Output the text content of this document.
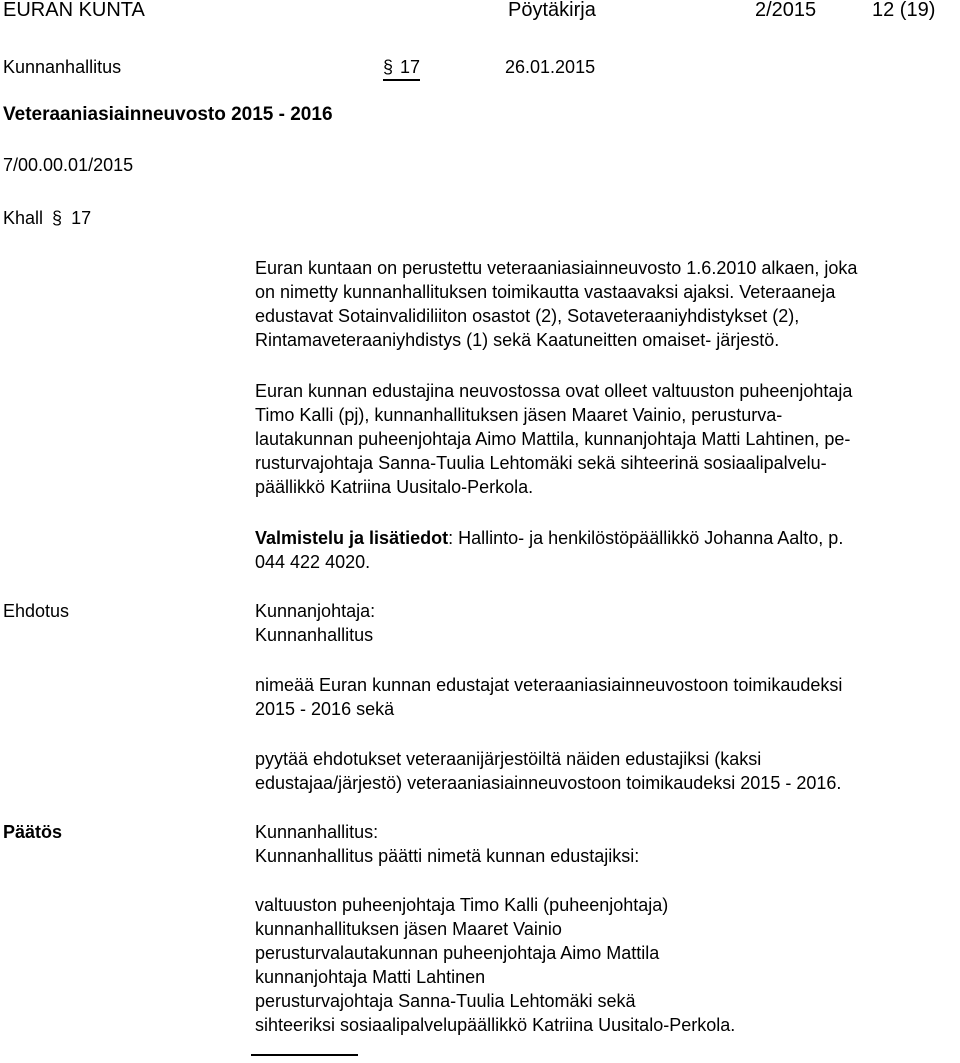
EURAN KUNTA	Pöytäkirja	2/2015	12 (19)
Kunnanhallitus	§ 17	26.01.2015
Veteraaniasiainneuvosto 2015 - 2016
7/00.00.01/2015
Khall § 17
Euran kuntaan on perustettu veteraaniasiainneuvosto 1.6.2010 alkaen, joka
on nimetty kunnanhallituksen toimikautta vastaavaksi ajaksi. Veteraaneja
edustavat Sotainvalidiliiton osastot (2), Sotaveteraaniyhdistykset (2),
Rintamaveteraaniyhdistys (1) sekä Kaatuneitten omaiset- järjestö.
Euran kunnan edustajina neuvostossa ovat olleet valtuuston puheenjohtaja
Timo Kalli (pj), kunnanhallituksen jäsen Maaret Vainio, perusturva-
lautakunnan puheenjohtaja Aimo Mattila, kunnanjohtaja Matti Lahtinen, pe-
rusturvajohtaja Sanna-Tuulia Lehtomäki sekä sihteerinä sosiaalipalvelu-
päällikkö Katriina Uusitalo-Perkola.
Valmistelu ja lisätiedot: Hallinto- ja henkilöstöpäällikkö Johanna Aalto, p.
044 422 4020.
Ehdotus	Kunnanjohtaja:
Kunnanhallitus
nimeää Euran kunnan edustajat veteraaniasiainneuvostoon toimikaudeksi
2015 - 2016 sekä
pyytää ehdotukset veteraanijärjestöiltä näiden edustajiksi (kaksi
edustajaa/järjestö) veteraaniasiainneuvostoon toimikaudeksi 2015 - 2016.
Päätös	Kunnanhallitus:
Kunnanhallitus päätti nimetä kunnan edustajiksi:
valtuuston puheenjohtaja Timo Kalli (puheenjohtaja)
kunnanhallituksen jäsen Maaret Vainio
perusturvalautakunnan puheenjohtaja Aimo Mattila
kunnanjohtaja Matti Lahtinen
perusturvajohtaja Sanna-Tuulia Lehtomäki sekä
sihteeriksi sosiaalipalvelupäällikkö Katriina Uusitalo-Perkola.
